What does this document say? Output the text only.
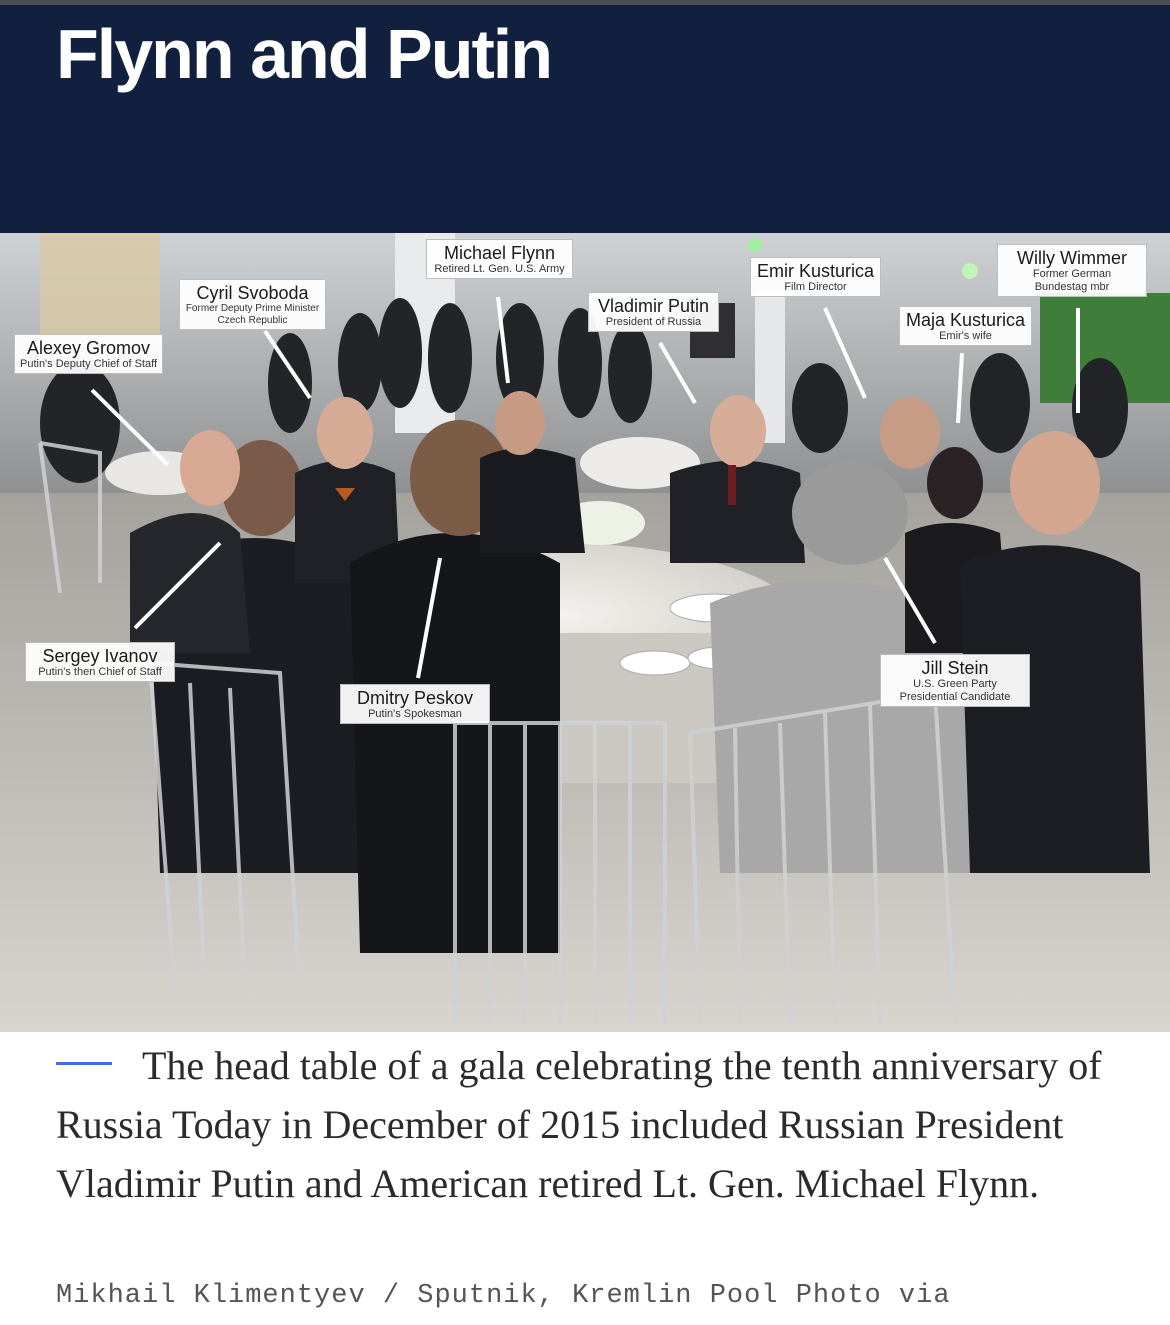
Flynn and Putin
Michael Flynn
Retired Lt. Gen. U.S. Army
Cyril Svoboda
Former Deputy Prime Minister Czech Republic
Vladimir Putin
President of Russia
Emir Kusturica
Film Director
Willy Wimmer
Former German Bundestag mbr
Maja Kusturica
Emir's wife
Alexey Gromov
Putin's Deputy Chief of Staff
Sergey Ivanov
Putin's then Chief of Staff
Dmitry Peskov
Putin's Spokesman
Jill Stein
U.S. Green Party Presidential Candidate
The head table of a gala celebrating the tenth anniversary of Russia Today in December of 2015 included Russian President Vladimir Putin and American retired Lt. Gen. Michael Flynn.
Mikhail Klimentyev / Sputnik, Kremlin Pool Photo via
